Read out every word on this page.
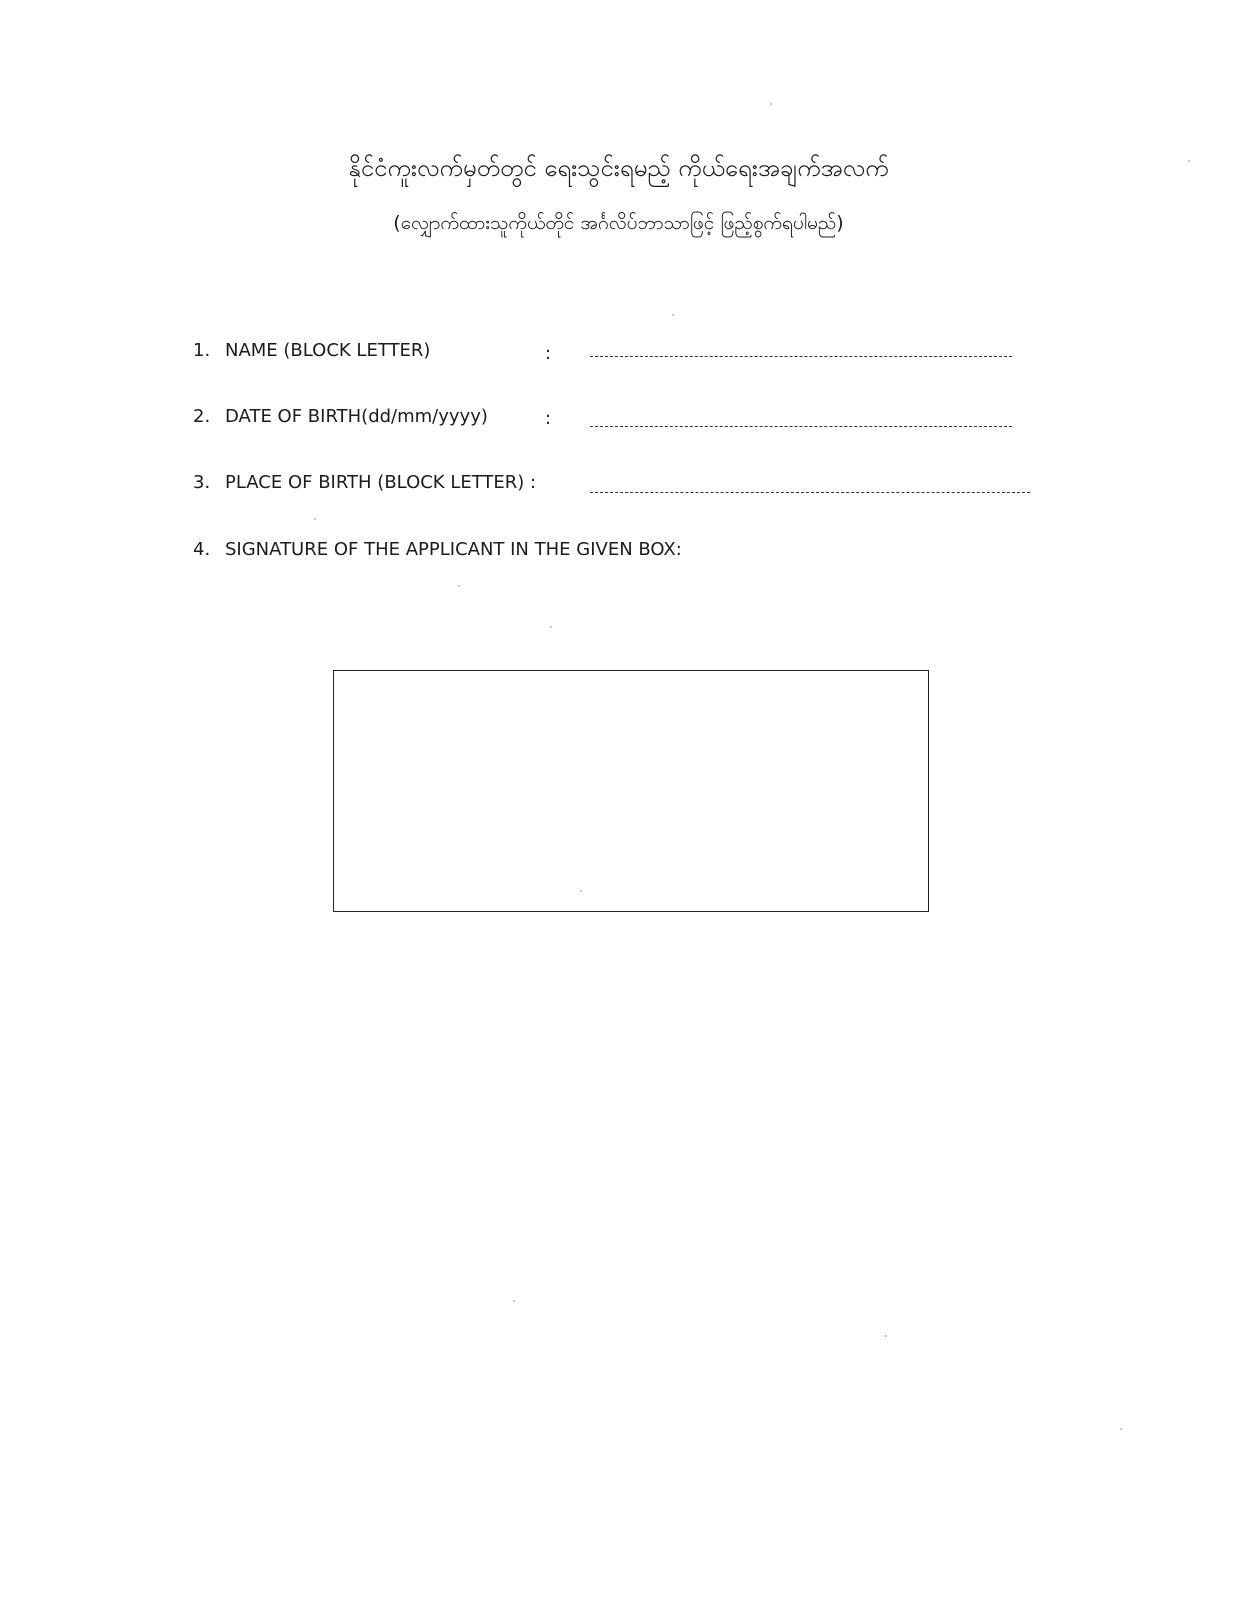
နိုင်ငံကူးလက်မှတ်တွင် ရေးသွင်းရမည့် ကိုယ်ရေးအချက်အလက်
(လျှောက်ထားသူကိုယ်တိုင် အင်္ဂလိပ်ဘာသာဖြင့် ဖြည့်စွက်ရပါမည်)
1. NAME (BLOCK LETTER)	:
2. DATE OF BIRTH(dd/mm/yyyy)	:
3. PLACE OF BIRTH (BLOCK LETTER) :
4. SIGNATURE OF THE APPLICANT IN THE GIVEN BOX:
